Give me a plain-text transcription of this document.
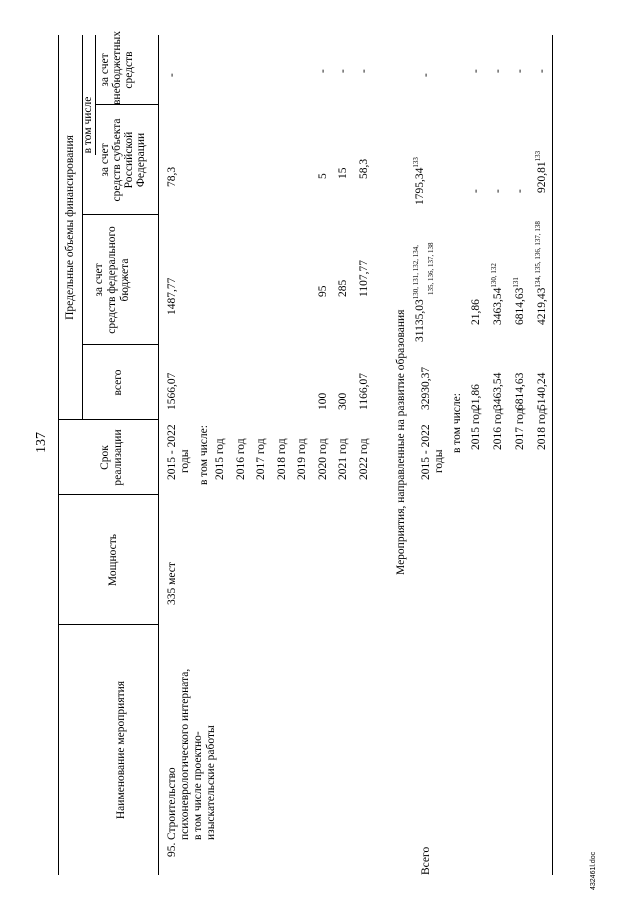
137
Наименование мероприятия
Мощность
Срок реализации
Предельные объемы финансирования
всего
за счет средств федерального бюджета
в том числе
за счет средств субъекта Российской Федерации
за счет внебюджетных средств
95.
Строительство психоневрологического интерната, в том числе проектно- изыскательские работы
335 мест
2015 - 2022 годы
1566,07
1487,77
78,3
-
в том числе: 2015 год 2016 год 2017 год 2018 год 2019 год 2020 год
100
95
5
-
2021 год
300
285
15
-
2022 год
1166,07
1107,77
58,3
-
Мероприятия, направленные на развитие образования
Всего
2015 - 2022 годы
32930,37
$31135,03^{130, 131, 132, 134,}$ 135, 136, 137, 138
1795,34$^{133}$
-
в том числе: 2015 год
21,86
21,86
-
-
2016 год
3463,54
3463,54$^{130, 132}$
-
-
2017 год
6814,63
6814,63$^{131}$
-
-
2018 год
5140,24
4219,43$^{134, 135, 136, 137, 138}$
920,81$^{133}$
-
432461l.doc
